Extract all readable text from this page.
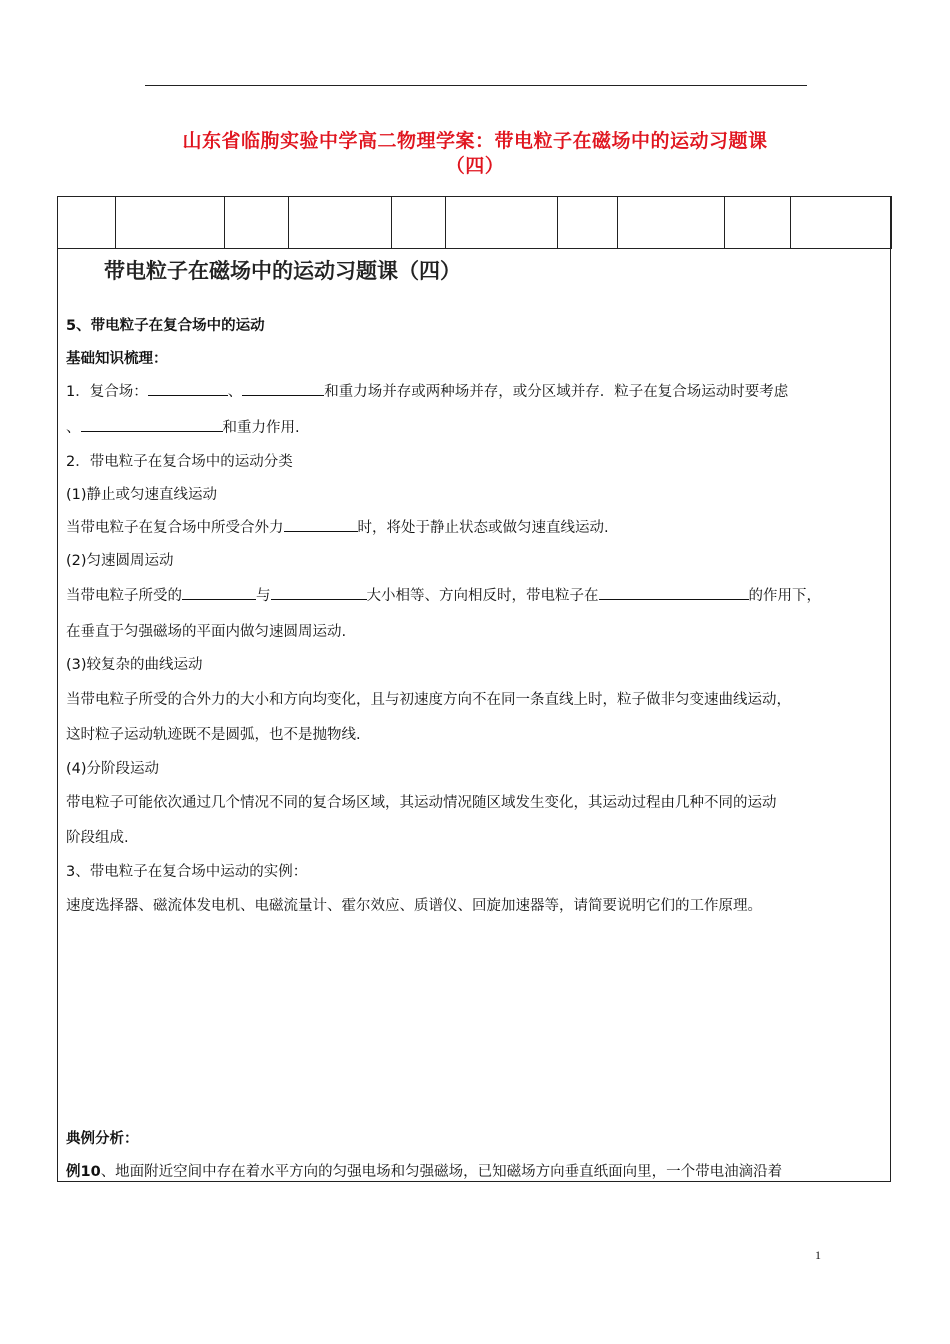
山东省临朐实验中学高二物理学案：带电粒子在磁场中的运动习题课
（四）

带电粒子在磁场中的运动习题课（四）
5、带电粒子在复合场中的运动
基础知识梳理：
1．复合场：	、	和重力场并存或两种场并存，或分区域并存．粒子在复合场运动时要考虑
、	和重力作用.
2．带电粒子在复合场中的运动分类
(1)静止或匀速直线运动
当带电粒子在复合场中所受合外力	时，将处于静止状态或做匀速直线运动.
(2)匀速圆周运动
当带电粒子所受的	与	大小相等、方向相反时，带电粒子在	的作用下，
在垂直于匀强磁场的平面内做匀速圆周运动.
(3)较复杂的曲线运动
当带电粒子所受的合外力的大小和方向均变化，且与初速度方向不在同一条直线上时，粒子做非匀变速曲线运动，
这时粒子运动轨迹既不是圆弧，也不是抛物线.
(4)分阶段运动
带电粒子可能依次通过几个情况不同的复合场区域，其运动情况随区域发生变化，其运动过程由几种不同的运动
阶段组成.
3、带电粒子在复合场中运动的实例：
速度选择器、磁流体发电机、电磁流量计、霍尔效应、质谱仪、回旋加速器等，请简要说明它们的工作原理。
典例分析：
例10、地面附近空间中存在着水平方向的匀强电场和匀强磁场，已知磁场方向垂直纸面向里，一个带电油滴沿着
1
